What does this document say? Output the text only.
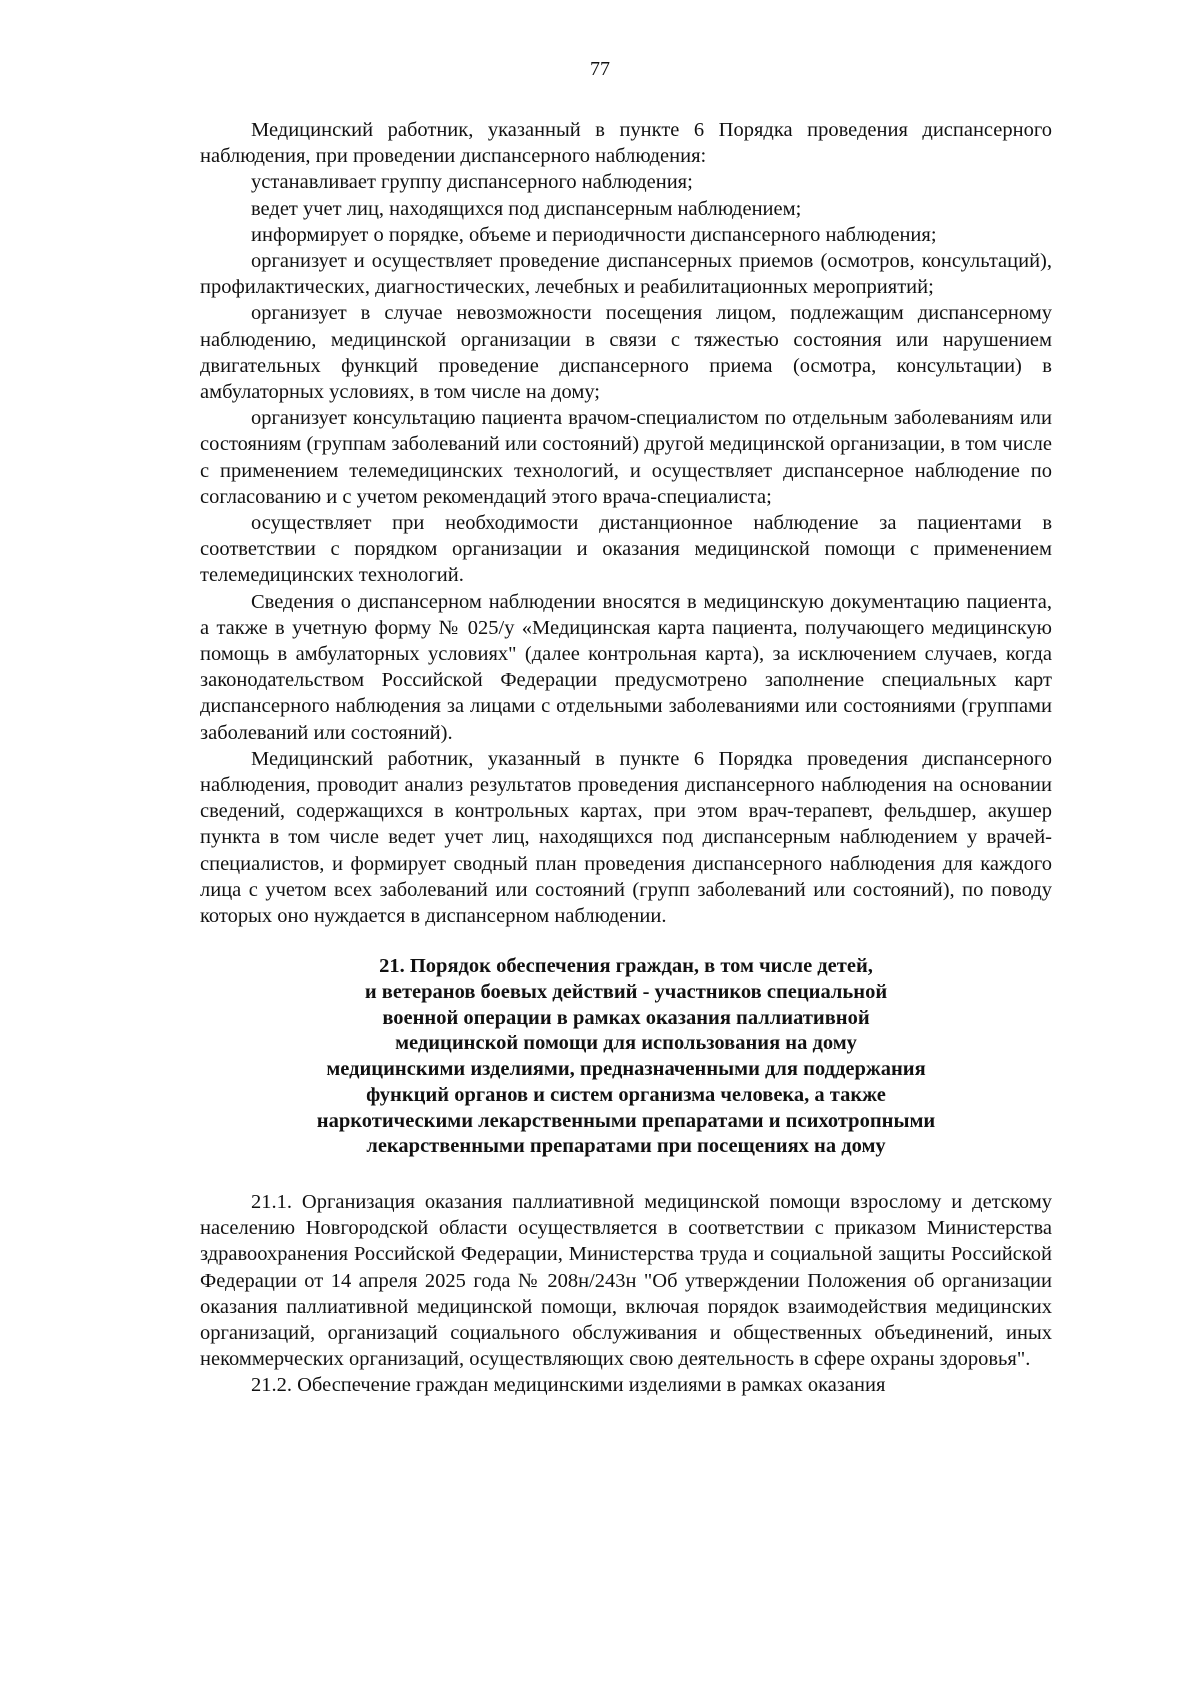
77

Медицинский работник, указанный в пункте 6 Порядка проведения диспансерного наблюдения, при проведении диспансерного наблюдения:

устанавливает группу диспансерного наблюдения;

ведет учет лиц, находящихся под диспансерным наблюдением;

информирует о порядке, объеме и периодичности диспансерного наблюдения;

организует и осуществляет проведение диспансерных приемов (осмотров, консультаций), профилактических, диагностических, лечебных и реабилитационных мероприятий;

организует в случае невозможности посещения лицом, подлежащим диспансерному наблюдению, медицинской организации в связи с тяжестью состояния или нарушением двигательных функций проведение диспансерного приема (осмотра, консультации) в амбулаторных условиях, в том числе на дому;

организует консультацию пациента врачом-специалистом по отдельным заболеваниям или состояниям (группам заболеваний или состояний) другой медицинской организации, в том числе с применением телемедицинских технологий, и осуществляет диспансерное наблюдение по согласованию и с учетом рекомендаций этого врача-специалиста;

осуществляет при необходимости дистанционное наблюдение за пациентами в соответствии с порядком организации и оказания медицинской помощи с применением телемедицинских технологий.

Сведения о диспансерном наблюдении вносятся в медицинскую документацию пациента, а также в учетную форму № 025/у «Медицинская карта пациента, получающего медицинскую помощь в амбулаторных условиях" (далее контрольная карта), за исключением случаев, когда законодательством Российской Федерации предусмотрено заполнение специальных карт диспансерного наблюдения за лицами с отдельными заболеваниями или состояниями (группами заболеваний или состояний).

Медицинский работник, указанный в пункте 6 Порядка проведения диспансерного наблюдения, проводит анализ результатов проведения диспансерного наблюдения на основании сведений, содержащихся в контрольных картах, при этом врач-терапевт, фельдшер, акушер пункта в том числе ведет учет лиц, находящихся под диспансерным наблюдением у врачей-специалистов, и формирует сводный план проведения диспансерного наблюдения для каждого лица с учетом всех заболеваний или состояний (групп заболеваний или состояний), по поводу которых оно нуждается в диспансерном наблюдении.

21. Порядок обеспечения граждан, в том числе детей,
и ветеранов боевых действий - участников специальной
военной операции в рамках оказания паллиативной
медицинской помощи для использования на дому
медицинскими изделиями, предназначенными для поддержания
функций органов и систем организма человека, а также
наркотическими лекарственными препаратами и психотропными
лекарственными препаратами при посещениях на дому

21.1. Организация оказания паллиативной медицинской помощи взрослому и детскому населению Новгородской области осуществляется в соответствии с приказом Министерства здравоохранения Российской Федерации, Министерства труда и социальной защиты Российской Федерации от 14 апреля 2025 года № 208н/243н "Об утверждении Положения об организации оказания паллиативной медицинской помощи, включая порядок взаимодействия медицинских организаций, организаций социального обслуживания и общественных объединений, иных некоммерческих организаций, осуществляющих свою деятельность в сфере охраны здоровья".

21.2. Обеспечение граждан медицинскими изделиями в рамках оказания
